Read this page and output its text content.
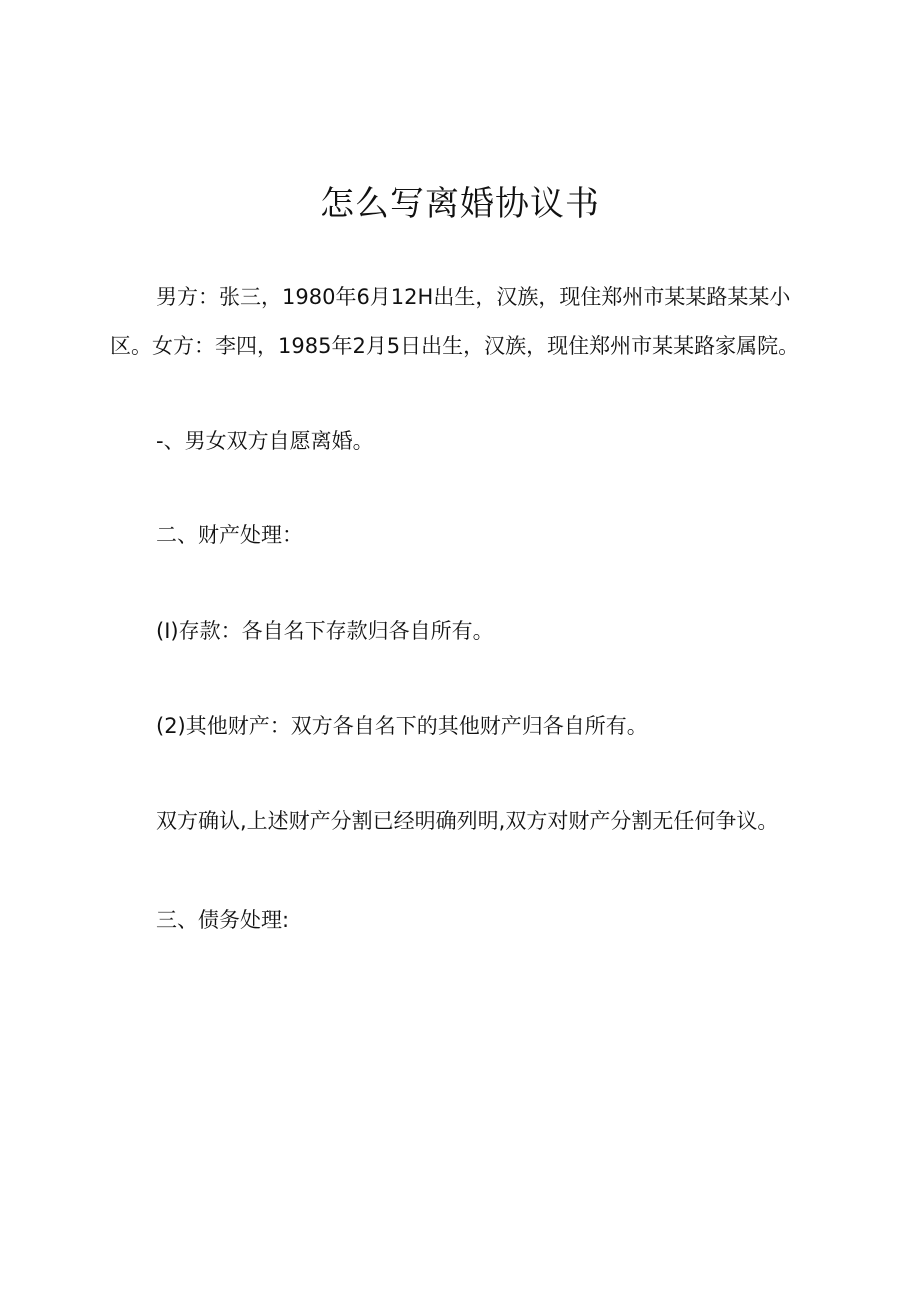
怎么写离婚协议书

男方：张三，1980年6月12H出生，汉族，现住郑州市某某路某某小

区。女方：李四，1985年2月5日出生，汉族，现住郑州市某某路家属院。

-、男女双方自愿离婚。

二、财产处理：

(I)存款：各自名下存款归各自所有。

(2)其他财产：双方各自名下的其他财产归各自所有。

双方确认,上述财产分割已经明确列明,双方对财产分割无任何争议。

三、债务处理:
